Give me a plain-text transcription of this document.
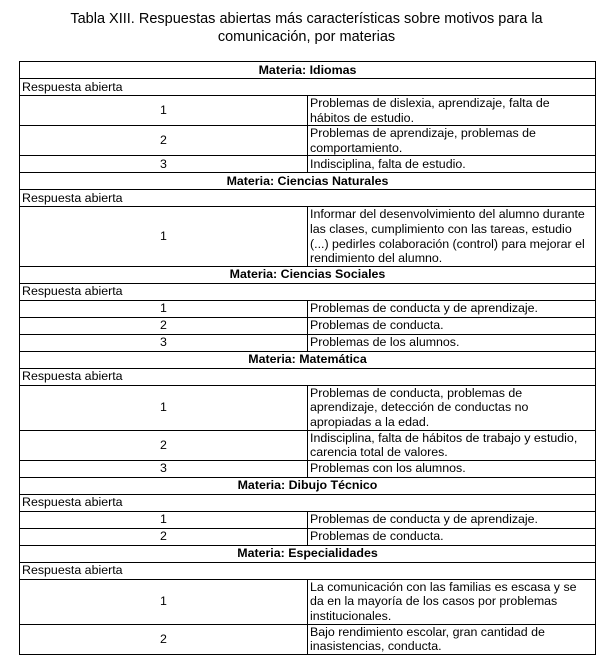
Tabla XIII. Respuestas abiertas más características sobre motivos para la
comunicación, por materias
Materia: Idiomas	
Respuesta abierta	
1	Problemas de dislexia, aprendizaje, falta de hábitos de estudio.
2	Problemas de aprendizaje, problemas de comportamiento.
3	Indisciplina, falta de estudio.
Materia: Ciencias Naturales	
Respuesta abierta	
1	Informar del desenvolvimiento del alumno durante las clases, cumplimiento con las tareas, estudio (...) pedirles colaboración (control) para mejorar el rendimiento del alumno.
Materia: Ciencias Sociales	
Respuesta abierta	
1	Problemas de conducta y de aprendizaje.
2	Problemas de conducta.
3	Problemas de los alumnos.
Materia: Matemática	
Respuesta abierta	
1	Problemas de conducta, problemas de aprendizaje, detección de conductas no apropiadas a la edad.
2	Indisciplina, falta de hábitos de trabajo y estudio, carencia total de valores.
3	Problemas con los alumnos.
Materia: Dibujo Técnico	
Respuesta abierta	
1	Problemas de conducta y de aprendizaje.
2	Problemas de conducta.
Materia: Especialidades	
Respuesta abierta	
1	La comunicación con las familias es escasa y se da en la mayoría de los casos por problemas institucionales.
2	Bajo rendimiento escolar, gran cantidad de inasistencias, conducta.
